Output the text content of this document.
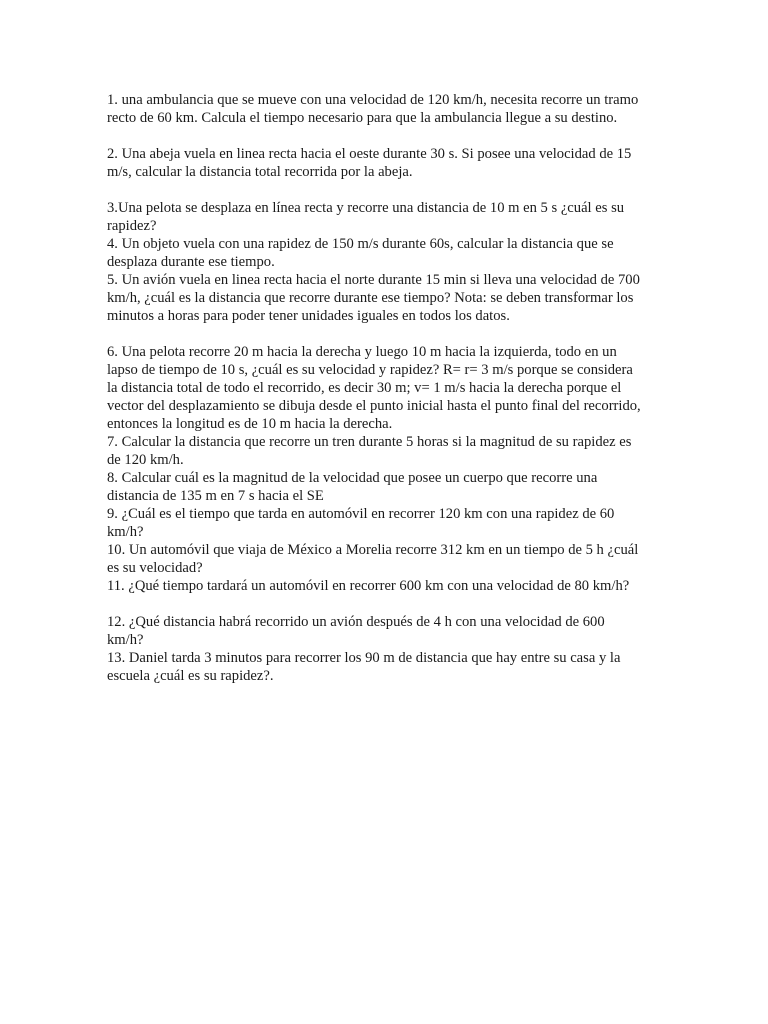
1. una ambulancia que se mueve con una velocidad de 120 km/h, necesita recorre un tramo
recto de 60 km. Calcula el tiempo necesario para que la ambulancia llegue a su destino.

2. Una abeja vuela en linea recta hacia el oeste durante 30 s. Si posee una velocidad de 15
m/s, calcular la distancia total recorrida por la abeja.

3.Una pelota se desplaza en línea recta y recorre una distancia de 10 m en 5 s ¿cuál es su
rapidez?

4. Un objeto vuela con una rapidez de 150 m/s durante 60s, calcular la distancia que se
desplaza durante ese tiempo.

5. Un avión vuela en linea recta hacia el norte durante 15 min si lleva una velocidad de 700
km/h, ¿cuál es la distancia que recorre durante ese tiempo? Nota: se deben transformar los
minutos a horas para poder tener unidades iguales en todos los datos.

6. Una pelota recorre 20 m hacia la derecha y luego 10 m hacia la izquierda, todo en un
lapso de tiempo de 10 s, ¿cuál es su velocidad y rapidez? R= r= 3 m/s porque se considera
la distancia total de todo el recorrido, es decir 30 m; v= 1 m/s hacia la derecha porque el
vector del desplazamiento se dibuja desde el punto inicial hasta el punto final del recorrido,
entonces la longitud es de 10 m hacia la derecha.

7. Calcular la distancia que recorre un tren durante 5 horas si la magnitud de su rapidez es
de 120 km/h.

8. Calcular cuál es la magnitud de la velocidad que posee un cuerpo que recorre una
distancia de 135 m en 7 s hacia el SE

9. ¿Cuál es el tiempo que tarda en automóvil en recorrer 120 km con una rapidez de 60
km/h?

10. Un automóvil que viaja de México a Morelia recorre 312 km en un tiempo de 5 h ¿cuál
es su velocidad?

11. ¿Qué tiempo tardará un automóvil en recorrer 600 km con una velocidad de 80 km/h?

12. ¿Qué distancia habrá recorrido un avión después de 4 h con una velocidad de 600
km/h?

13. Daniel tarda 3 minutos para recorrer los 90 m de distancia que hay entre su casa y la
escuela ¿cuál es su rapidez?.
